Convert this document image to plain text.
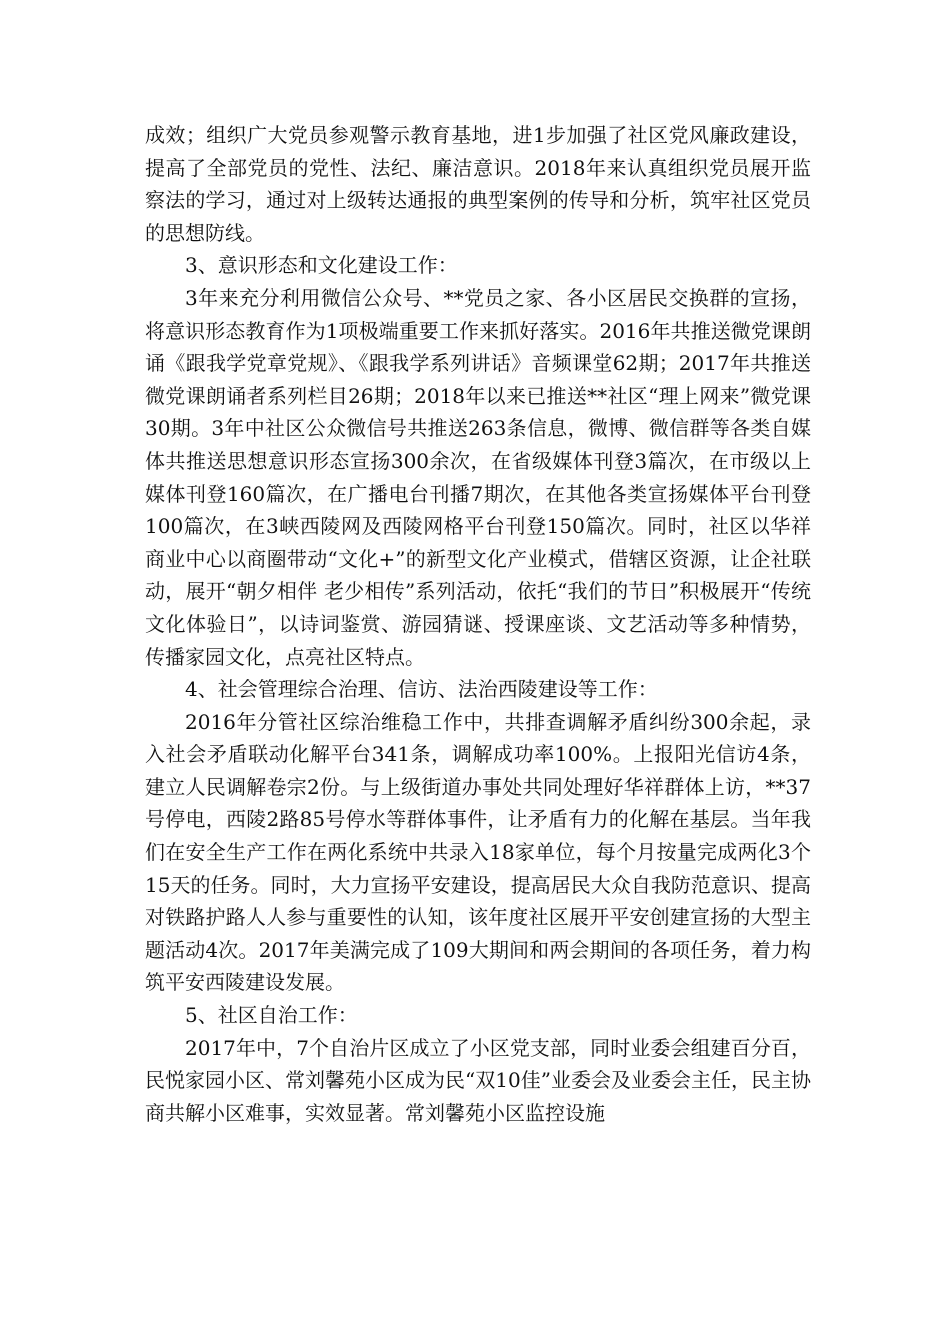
成效；组织广大党员参观警示教育基地，进1步加强了社区党风廉政建设，提高了全部党员的党性、法纪、廉洁意识。2018年来认真组织党员展开监察法的学习，通过对上级转达通报的典型案例的传导和分析，筑牢社区党员的思想防线。

3、意识形态和文化建设工作：

3年来充分利用微信公众号、**党员之家、各小区居民交换群的宣扬，将意识形态教育作为1项极端重要工作来抓好落实。2016年共推送微党课朗诵《跟我学党章党规》、《跟我学系列讲话》音频课堂62期；2017年共推送微党课朗诵者系列栏目26期；2018年以来已推送**社区“理上网来”微党课30期。3年中社区公众微信号共推送263条信息，微博、微信群等各类自媒体共推送思想意识形态宣扬300余次，在省级媒体刊登3篇次，在市级以上媒体刊登160篇次，在广播电台刊播7期次，在其他各类宣扬媒体平台刊登100篇次，在3峡西陵网及西陵网格平台刊登150篇次。同时，社区以华祥商业中心以商圈带动“文化+”的新型文化产业模式，借辖区资源，让企社联动，展开“朝夕相伴 老少相传”系列活动，依托“我们的节日”积极展开“传统文化体验日”，以诗词鉴赏、游园猜谜、授课座谈、文艺活动等多种情势，传播家园文化，点亮社区特点。

4、社会管理综合治理、信访、法治西陵建设等工作：

2016年分管社区综治维稳工作中，共排查调解矛盾纠纷300余起，录入社会矛盾联动化解平台341条，调解成功率100%。上报阳光信访4条，建立人民调解卷宗2份。与上级街道办事处共同处理好华祥群体上访，**37号停电，西陵2路85号停水等群体事件，让矛盾有力的化解在基层。当年我们在安全生产工作在两化系统中共录入18家单位，每个月按量完成两化3个15天的任务。同时，大力宣扬平安建设，提高居民大众自我防范意识、提高对铁路护路人人参与重要性的认知，该年度社区展开平安创建宣扬的大型主题活动4次。2017年美满完成了109大期间和两会期间的各项任务，着力构筑平安西陵建设发展。

5、社区自治工作：

2017年中，7个自治片区成立了小区党支部，同时业委会组建百分百，民悦家园小区、常刘馨苑小区成为民“双10佳”业委会及业委会主任，民主协商共解小区难事，实效显著。常刘馨苑小区监控设施
